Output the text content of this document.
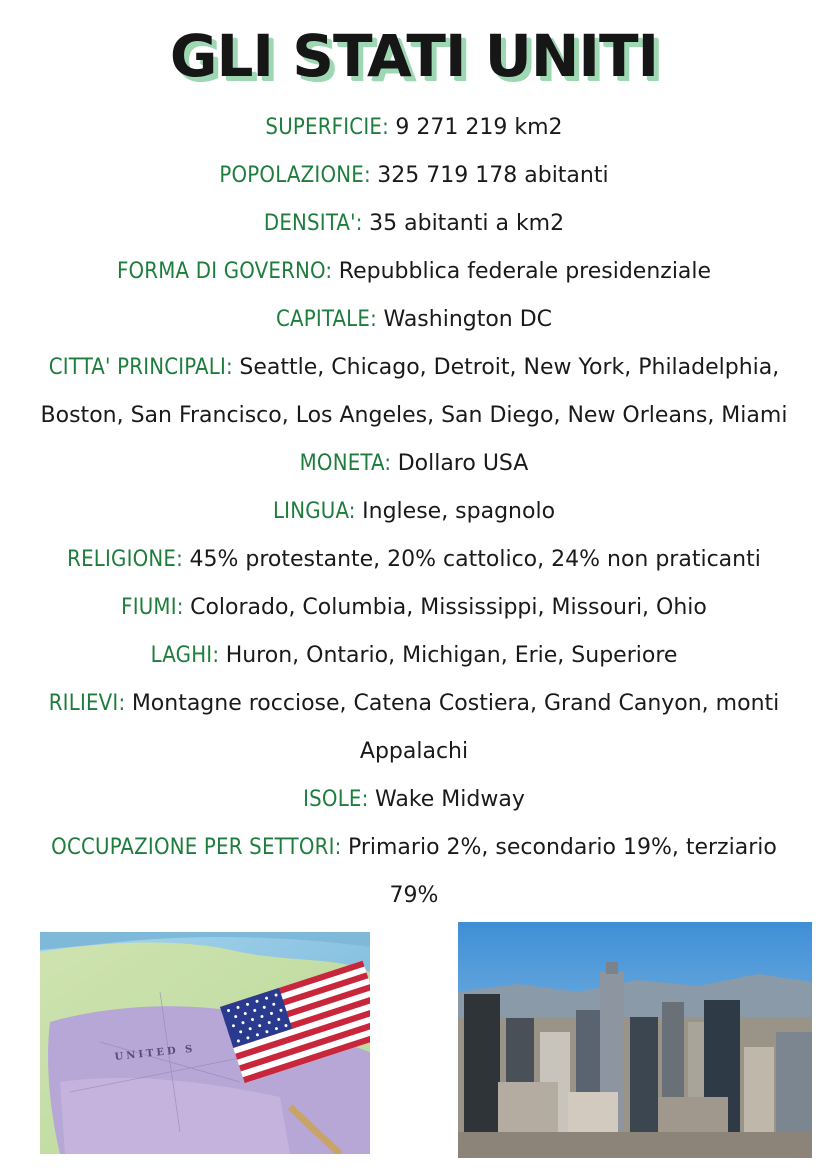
GLI STATI UNITI

SUPERFICIE: 9 271 219 km2

POPOLAZIONE: 325 719 178 abitanti

DENSITA': 35 abitanti a km2

FORMA DI GOVERNO: Repubblica federale presidenziale

CAPITALE: Washington DC

CITTA' PRINCIPALI: Seattle, Chicago, Detroit, New York, Philadelphia, Boston, San Francisco, Los Angeles, San Diego, New Orleans, Miami

MONETA: Dollaro USA

LINGUA: Inglese, spagnolo

RELIGIONE: 45% protestante, 20% cattolico, 24% non praticanti

FIUMI: Colorado, Columbia, Mississippi, Missouri, Ohio

LAGHI: Huron, Ontario, Michigan, Erie, Superiore

RILIEVI: Montagne rocciose, Catena Costiera, Grand Canyon, monti Appalachi

ISOLE: Wake Midway

OCCUPAZIONE PER SETTORI: Primario 2%, secondario 19%, terziario

79%

UNITED S
